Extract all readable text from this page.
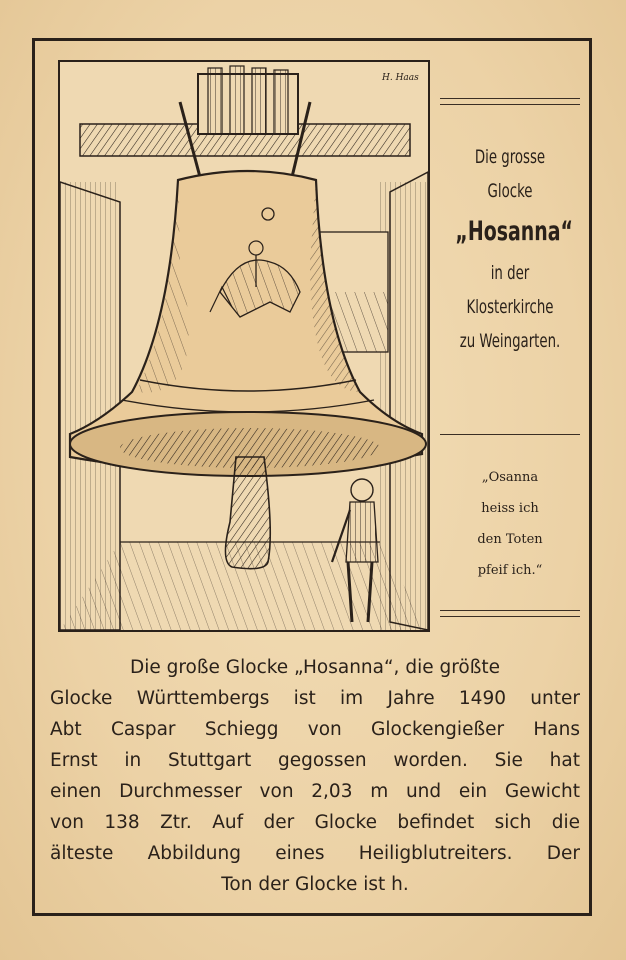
H. Haas
Die grosse
Glocke
„Hosanna“
in der
Klosterkirche
zu Weingarten.
„Osanna
heiss ich
den Toten
pfeif ich.“
Die große Glocke „Hosanna“, die größte
Glocke Württembergs ist im Jahre 1490 unter
Abt Caspar Schiegg von Glockengießer Hans
Ernst in Stuttgart gegossen worden. Sie hat
einen Durchmesser von 2,03 m und ein Gewicht
von 138 Ztr. Auf der Glocke befindet sich die
älteste Abbildung eines Heiligblutreiters. Der
Ton der Glocke ist h.
